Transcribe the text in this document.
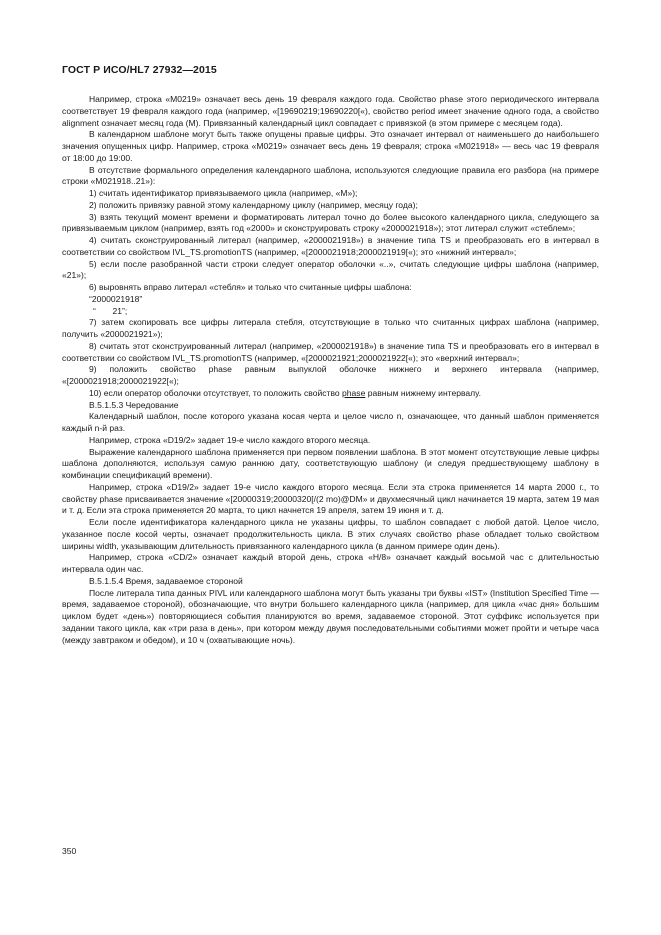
ГОСТ Р ИСО/HL7 27932—2015

Например, строка «M0219» означает весь день 19 февраля каждого года. Свойство phase этого периодического интервала соответствует 19 февраля каждого года (например, «[19690219;19690220[«), свойство period имеет значение одного года, а свойство alignment означает месяц года (M). Привязанный календарный цикл совпадает с привязкой (в этом примере с месяцем года).

В календарном шаблоне могут быть также опущены правые цифры. Это означает интервал от наименьшего до наибольшего значения опущенных цифр. Например, строка «M0219» означает весь день 19 февраля; строка «M021918» — весь час 19 февраля от 18:00 до 19:00.

В отсутствие формального определения календарного шаблона, используются следующие правила его разбора (на примере строки «M021918..21»):

1) считать идентификатор привязываемого цикла (например, «M»);

2) положить привязку равной этому календарному циклу (например, месяцу года);

3) взять текущий момент времени и форматировать литерал точно до более высокого календарного цикла, следующего за привязываемым циклом (например, взять год «2000» и сконструировать строку «2000021918»); этот литерал служит «стеблем»;

4) считать сконструированный литерал (например, «2000021918») в значение типа TS и преобразовать его в интервал в соответствии со свойством IVL_TS.promotionTS (например, «[2000021918;2000021919[«); это «нижний интервал»;

5) если после разобранной части строки следует оператор оболочки «..», считать следующие цифры шаблона (например, «21»);

6) выровнять вправо литерал «стебля» и только что считанные цифры шаблона:

“2000021918”

“       21”;

7) затем скопировать все цифры литерала стебля, отсутствующие в только что считанных цифрах шаблона (например, получить «2000021921»);

8) считать этот сконструированный литерал (например, «2000021918») в значение типа TS и преобразовать его в интервал в соответствии со свойством IVL_TS.promotionTS (например, «[2000021921;2000021922[«); это «верхний интервал»;

9) положить свойство phase равным выпуклой оболочке нижнего и верхнего интервала (например, «[2000021918;2000021922[«);

10) если оператор оболочки отсутствует, то положить свойство phase равным нижнему интервалу.

В.5.1.5.3 Чередование

Календарный шаблон, после которого указана косая черта и целое число n, означающее, что данный шаблон применяется каждый n-й раз.

Например, строка «D19/2» задает 19-е число каждого второго месяца.

Выражение календарного шаблона применяется при первом появлении шаблона. В этот момент отсутствующие левые цифры шаблона дополняются, используя самую раннюю дату, соответствующую шаблону (и следуя предшествующему шаблону в комбинации спецификаций времени).

Например, строка «D19/2» задает 19-е число каждого второго месяца. Если эта строка применяется 14 марта 2000 г., то свойству phase присваивается значение «[20000319;20000320[/(2 mo)@DM» и двухмесячный цикл начинается 19 марта, затем 19 мая и т. д. Если эта строка применяется 20 марта, то цикл начнется 19 апреля, затем 19 июня и т. д.

Если после идентификатора календарного цикла не указаны цифры, то шаблон совпадает с любой датой. Целое число, указанное после косой черты, означает продолжительность цикла. В этих случаях свойство phase обладает только свойством ширины width, указывающим длительность привязанного календарного цикла (в данном примере один день).

Например, строка «CD/2» означает каждый второй день, строка «H/8» означает каждый восьмой час с длительностью интервала один час.

В.5.1.5.4 Время, задаваемое стороной

После литерала типа данных PIVL или календарного шаблона могут быть указаны три буквы «IST» (Institution Specified Time — время, задаваемое стороной), обозначающие, что внутри большего календарного цикла (например, для цикла «час дня» большим циклом будет «день») повторяющиеся события планируются во время, задаваемое стороной. Этот суффикс используется при задании такого цикла, как «три раза в день», при котором между двумя последовательными событиями может пройти и четыре часа (между завтраком и обедом), и 10 ч (охватывающие ночь).

350
